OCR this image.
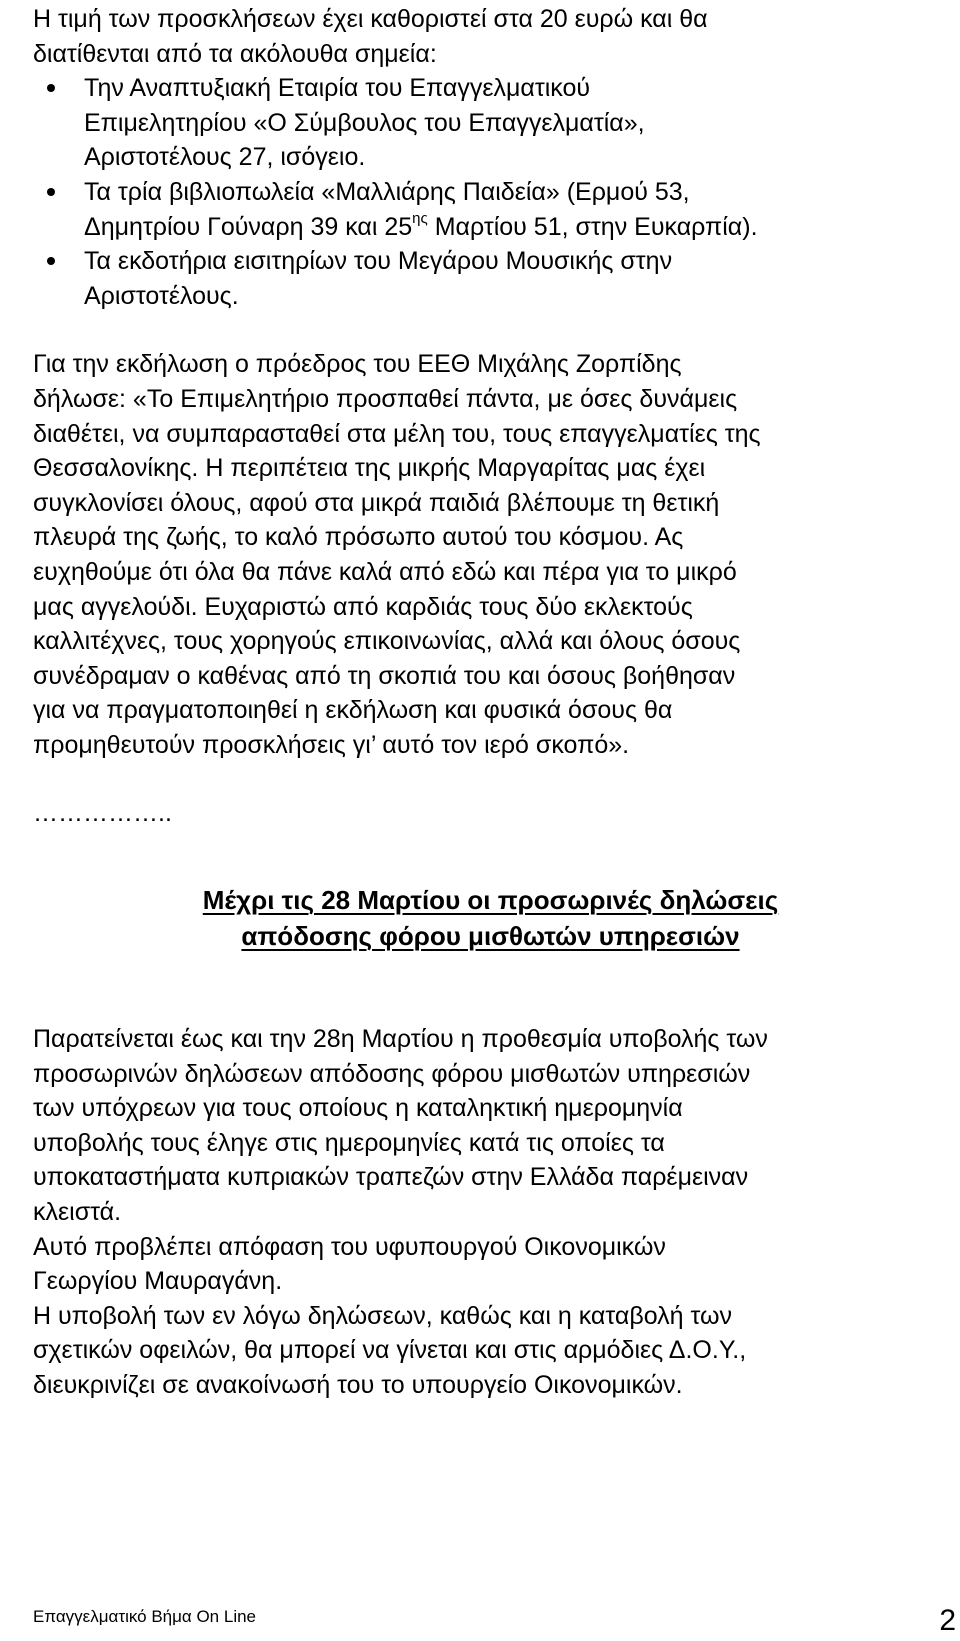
Η τιμή των προσκλήσεων έχει καθοριστεί στα 20 ευρώ και θα

διατίθενται από τα ακόλουθα σημεία:

Την Αναπτυξιακή Εταιρία του Επαγγελματικού
Επιμελητηρίου «Ο Σύμβουλος του Επαγγελματία»,
Αριστοτέλους 27, ισόγειο.
Τα τρία βιβλιοπωλεία «Μαλλιάρης Παιδεία» (Ερμού 53,
Δημητρίου Γούναρη 39 και $25^{\eta\varsigma}$ Μαρτίου 51, στην Ευκαρπία).
Τα εκδοτήρια εισιτηρίων του Μεγάρου Μουσικής στην
Αριστοτέλους.

Για την εκδήλωση ο πρόεδρος του ΕΕΘ Μιχάλης Ζορπίδης

δήλωσε: «Το Επιμελητήριο προσπαθεί πάντα, με όσες δυνάμεις

διαθέτει, να συμπαρασταθεί στα μέλη του, τους επαγγελματίες της

Θεσσαλονίκης. Η περιπέτεια της μικρής Μαργαρίτας μας έχει

συγκλονίσει όλους, αφού στα μικρά παιδιά βλέπουμε τη θετική

πλευρά της ζωής, το καλό πρόσωπο αυτού του κόσμου. Ας

ευχηθούμε ότι όλα θα πάνε καλά από εδώ και πέρα για το μικρό

μας αγγελούδι. Ευχαριστώ από καρδιάς τους δύο εκλεκτούς

καλλιτέχνες, τους χορηγούς επικοινωνίας, αλλά και όλους όσους

συνέδραμαν ο καθένας από τη σκοπιά του και όσους βοήθησαν

για να πραγματοποιηθεί η εκδήλωση και φυσικά όσους θα

προμηθευτούν προσκλήσεις γι’ αυτό τον ιερό σκοπό».

……………..
Μέχρι τις 28 Μαρτίου οι προσωρινές δηλώσεις
απόδοσης φόρου μισθωτών υπηρεσιών

Παρατείνεται έως και την 28η Μαρτίου η προθεσμία υποβολής των

προσωρινών δηλώσεων απόδοσης φόρου μισθωτών υπηρεσιών

των υπόχρεων για τους οποίους η καταληκτική ημερομηνία

υποβολής τους έληγε στις ημερομηνίες κατά τις οποίες τα

υποκαταστήματα κυπριακών τραπεζών στην Ελλάδα παρέμειναν

κλειστά.

Αυτό προβλέπει απόφαση του υφυπουργού Οικονομικών

Γεωργίου Μαυραγάνη.

Η υποβολή των εν λόγω δηλώσεων, καθώς και η καταβολή των

σχετικών οφειλών, θα μπορεί να γίνεται και στις αρμόδιες Δ.Ο.Υ.,

διευκρινίζει σε ανακοίνωσή του το υπουργείο Οικονομικών.

Επαγγελματικό Βήμα On Line	2
